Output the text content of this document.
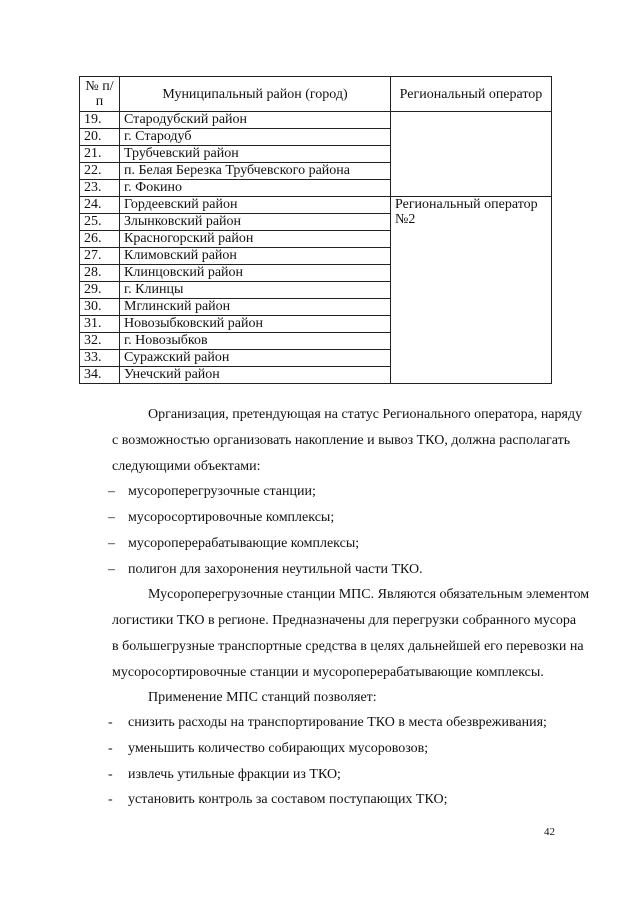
№ п/п	Муниципальный район (город)	Региональный оператор
19.	Стародубский район	
20.	г. Стародуб	
21.	Трубчевский район	
22.	п. Белая Березка Трубчевского района	
23.	г. Фокино	
24.	Гордеевский район	Региональный оператор №2
25.	Злынковский район	
26.	Красногорский район	
27.	Климовский район	
28.	Клинцовский район	
29.	г. Клинцы	
30.	Мглинский район	
31.	Новозыбковский район	
32.	г. Новозыбков	
33.	Суражский район	
34.	Унечский район	
Организация, претендующая на статус Регионального оператора, наряду
с возможностью организовать накопление и вывоз ТКО, должна располагать
следующими объектами:
– мусороперегрузочные станции;
– мусоросортировочные комплексы;
– мусороперерабатывающие комплексы;
– полигон для захоронения неутильной части ТКО.
Мусороперегрузочные станции МПС. Являются обязательным элементом
логистики ТКО в регионе. Предназначены для перегрузки собранного мусора
в большегрузные транспортные средства в целях дальнейшей его перевозки на
мусоросортировочные станции и мусороперерабатывающие комплексы.
Применение МПС станций позволяет:
- снизить расходы на транспортирование ТКО в места обезвреживания;
- уменьшить количество собирающих мусоровозов;
- извлечь утильные фракции из ТКО;
- установить контроль за составом поступающих ТКО;
42
